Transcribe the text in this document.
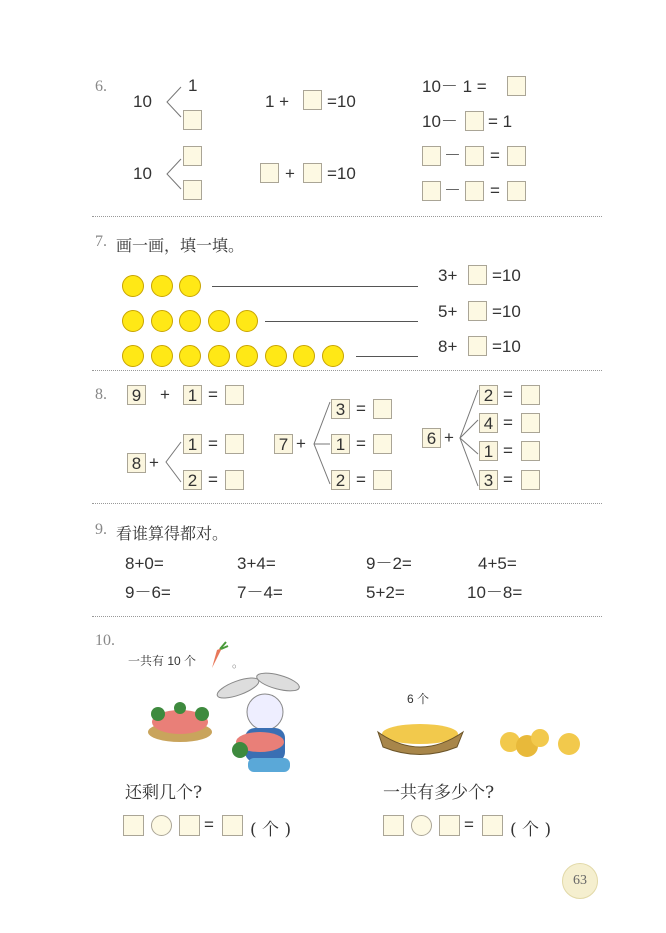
6.
10
1
10
1 + =10
+ =10
10－ 1 =
10－ = 1
－ =
－ =
7. 画一画，填一填。
3+ =10
5+ =10
8+ =10
8. 9 + 1 =
8 +
1 =
2 =
7 +
3 =
1 =
2 =
6 +
2 =
4 =
1 =
3 =
9. 看谁算得都对。
8+0=	3+4=	9－2=	4+5=
9－6=	7－4=	5+2=	10－8=
10.
一共有 10 个	。
6 个
还剩几个?	一共有多少个?
= ( 个 )	= ( 个 )
63
